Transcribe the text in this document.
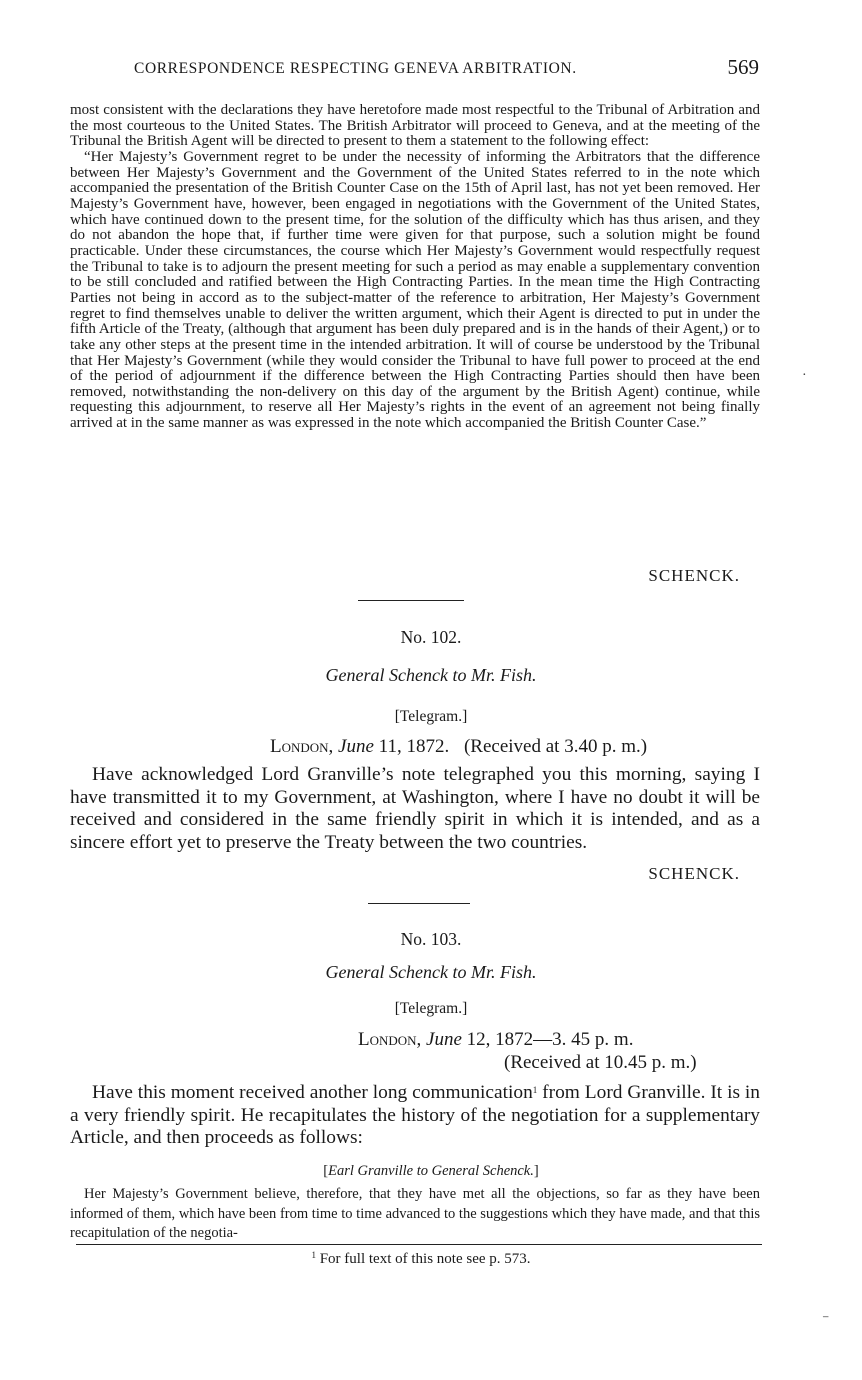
CORRESPONDENCE RESPECTING GENEVA ARBITRATION.	569

most consistent with the declarations they have heretofore made most respectful to the Tribunal of Arbitration and the most courteous to the United States. The British Arbitrator will proceed to Geneva, and at the meeting of the Tribunal the British Agent will be directed to present to them a statement to the following effect:

“Her Majesty’s Government regret to be under the necessity of informing the Arbitrators that the difference between Her Majesty’s Government and the Government of the United States referred to in the note which accompanied the presentation of the British Counter Case on the 15th of April last, has not yet been removed. Her Majesty’s Government have, however, been engaged in negotiations with the Government of the United States, which have continued down to the present time, for the solution of the difficulty which has thus arisen, and they do not abandon the hope that, if further time were given for that purpose, such a solution might be found practicable. Under these circumstances, the course which Her Majesty’s Government would respectfully request the Tribunal to take is to adjourn the present meeting for such a period as may enable a supplementary convention to be still concluded and ratified between the High Contracting Parties. In the mean time the High Contracting Parties not being in accord as to the subject-matter of the reference to arbitration, Her Majesty’s Government regret to find themselves unable to deliver the written argument, which their Agent is directed to put in under the fifth Article of the Treaty, (although that argument has been duly prepared and is in the hands of their Agent,) or to take any other steps at the present time in the intended arbitration. It will of course be understood by the Tribunal that Her Majesty’s Government (while they would consider the Tribunal to have full power to proceed at the end of the period of adjournment if the difference between the High Contracting Parties should then have been removed, notwithstanding the non-delivery on this day of the argument by the British Agent) continue, while requesting this adjournment, to reserve all Her Majesty’s rights in the event of an agreement not being finally arrived at in the same manner as was expressed in the note which accompanied the British Counter Case.”

SCHENCK.
No. 102.
General Schenck to Mr. Fish.
[Telegram.]
London, June 11, 1872. (Received at 3.40 p. m.)

Have acknowledged Lord Granville’s note telegraphed you this morning, saying I have transmitted it to my Government, at Washington, where I have no doubt it will be received and considered in the same friendly spirit in which it is intended, and as a sincere effort yet to preserve the Treaty between the two countries.

SCHENCK.
No. 103.
General Schenck to Mr. Fish.
[Telegram.]
London, June 12, 1872—3. 45 p. m.
(Received at 10.45 p. m.)

Have this moment received another long communication$^1$ from Lord Granville. It is in a very friendly spirit. He recapitulates the history of the negotiation for a supplementary Article, and then proceeds as follows:

[Earl Granville to General Schenck.]

Her Majesty’s Government believe, therefore, that they have met all the objections, so far as they have been informed of them, which have been from time to time advanced to the suggestions which they have made, and that this recapitulation of the negotia-

$^1$ For full text of this note see p. 573.
·
⁻
